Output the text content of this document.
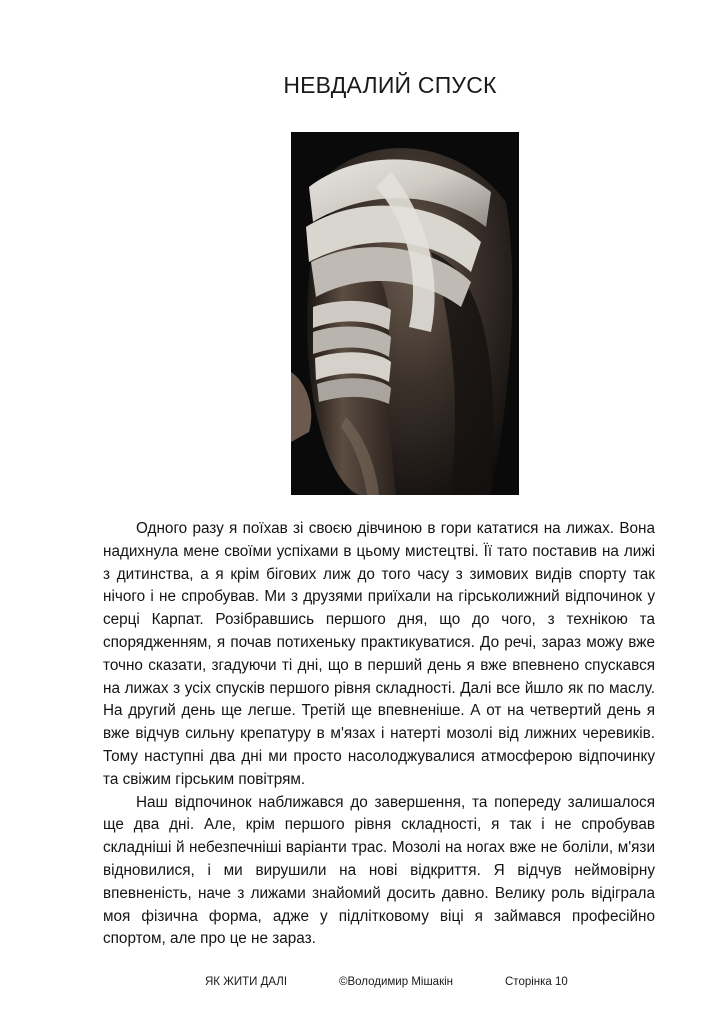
НЕВДАЛИЙ СПУСК

Одного разу я поїхав зі своєю дівчиною в гори кататися на лижах. Вона надихнула мене своїми успіхами в цьому мистецтві. Її тато поставив на лижі з дитинства, а я крім бігових лиж до того часу з зимових видів спорту так нічого і не спробував. Ми з друзями приїхали на гірськолижний відпочинок у серці Карпат. Розібравшись першого дня, що до чого, з технікою та спорядженням, я почав потихеньку практикуватися. До речі, зараз можу вже точно сказати, згадуючи ті дні, що в перший день я вже впевнено спускався на лижах з усіх спусків першого рівня складності. Далі все йшло як по маслу. На другий день ще легше. Третій ще впевненіше. А от на четвертий день я вже відчув сильну крепатуру в м'язах і натерті мозолі від лижних черевиків. Тому наступні два дні ми просто насолоджувалися атмосферою відпочинку та свіжим гірським повітрям.

Наш відпочинок наближався до завершення, та попереду залишалося ще два дні. Але, крім першого рівня складності, я так і не спробував складніші й небезпечніші варіанти трас. Мозолі на ногах вже не боліли, м'язи відновилися, і ми вирушили на нові відкриття. Я відчув неймовірну впевненість, наче з лижами знайомий досить давно. Велику роль відіграла моя фізична форма, адже у підлітковому віці я займався професійно спортом, але про це не зараз.

ЯК ЖИТИ ДАЛІ	©Володимир Мішакін	Сторінка 10
